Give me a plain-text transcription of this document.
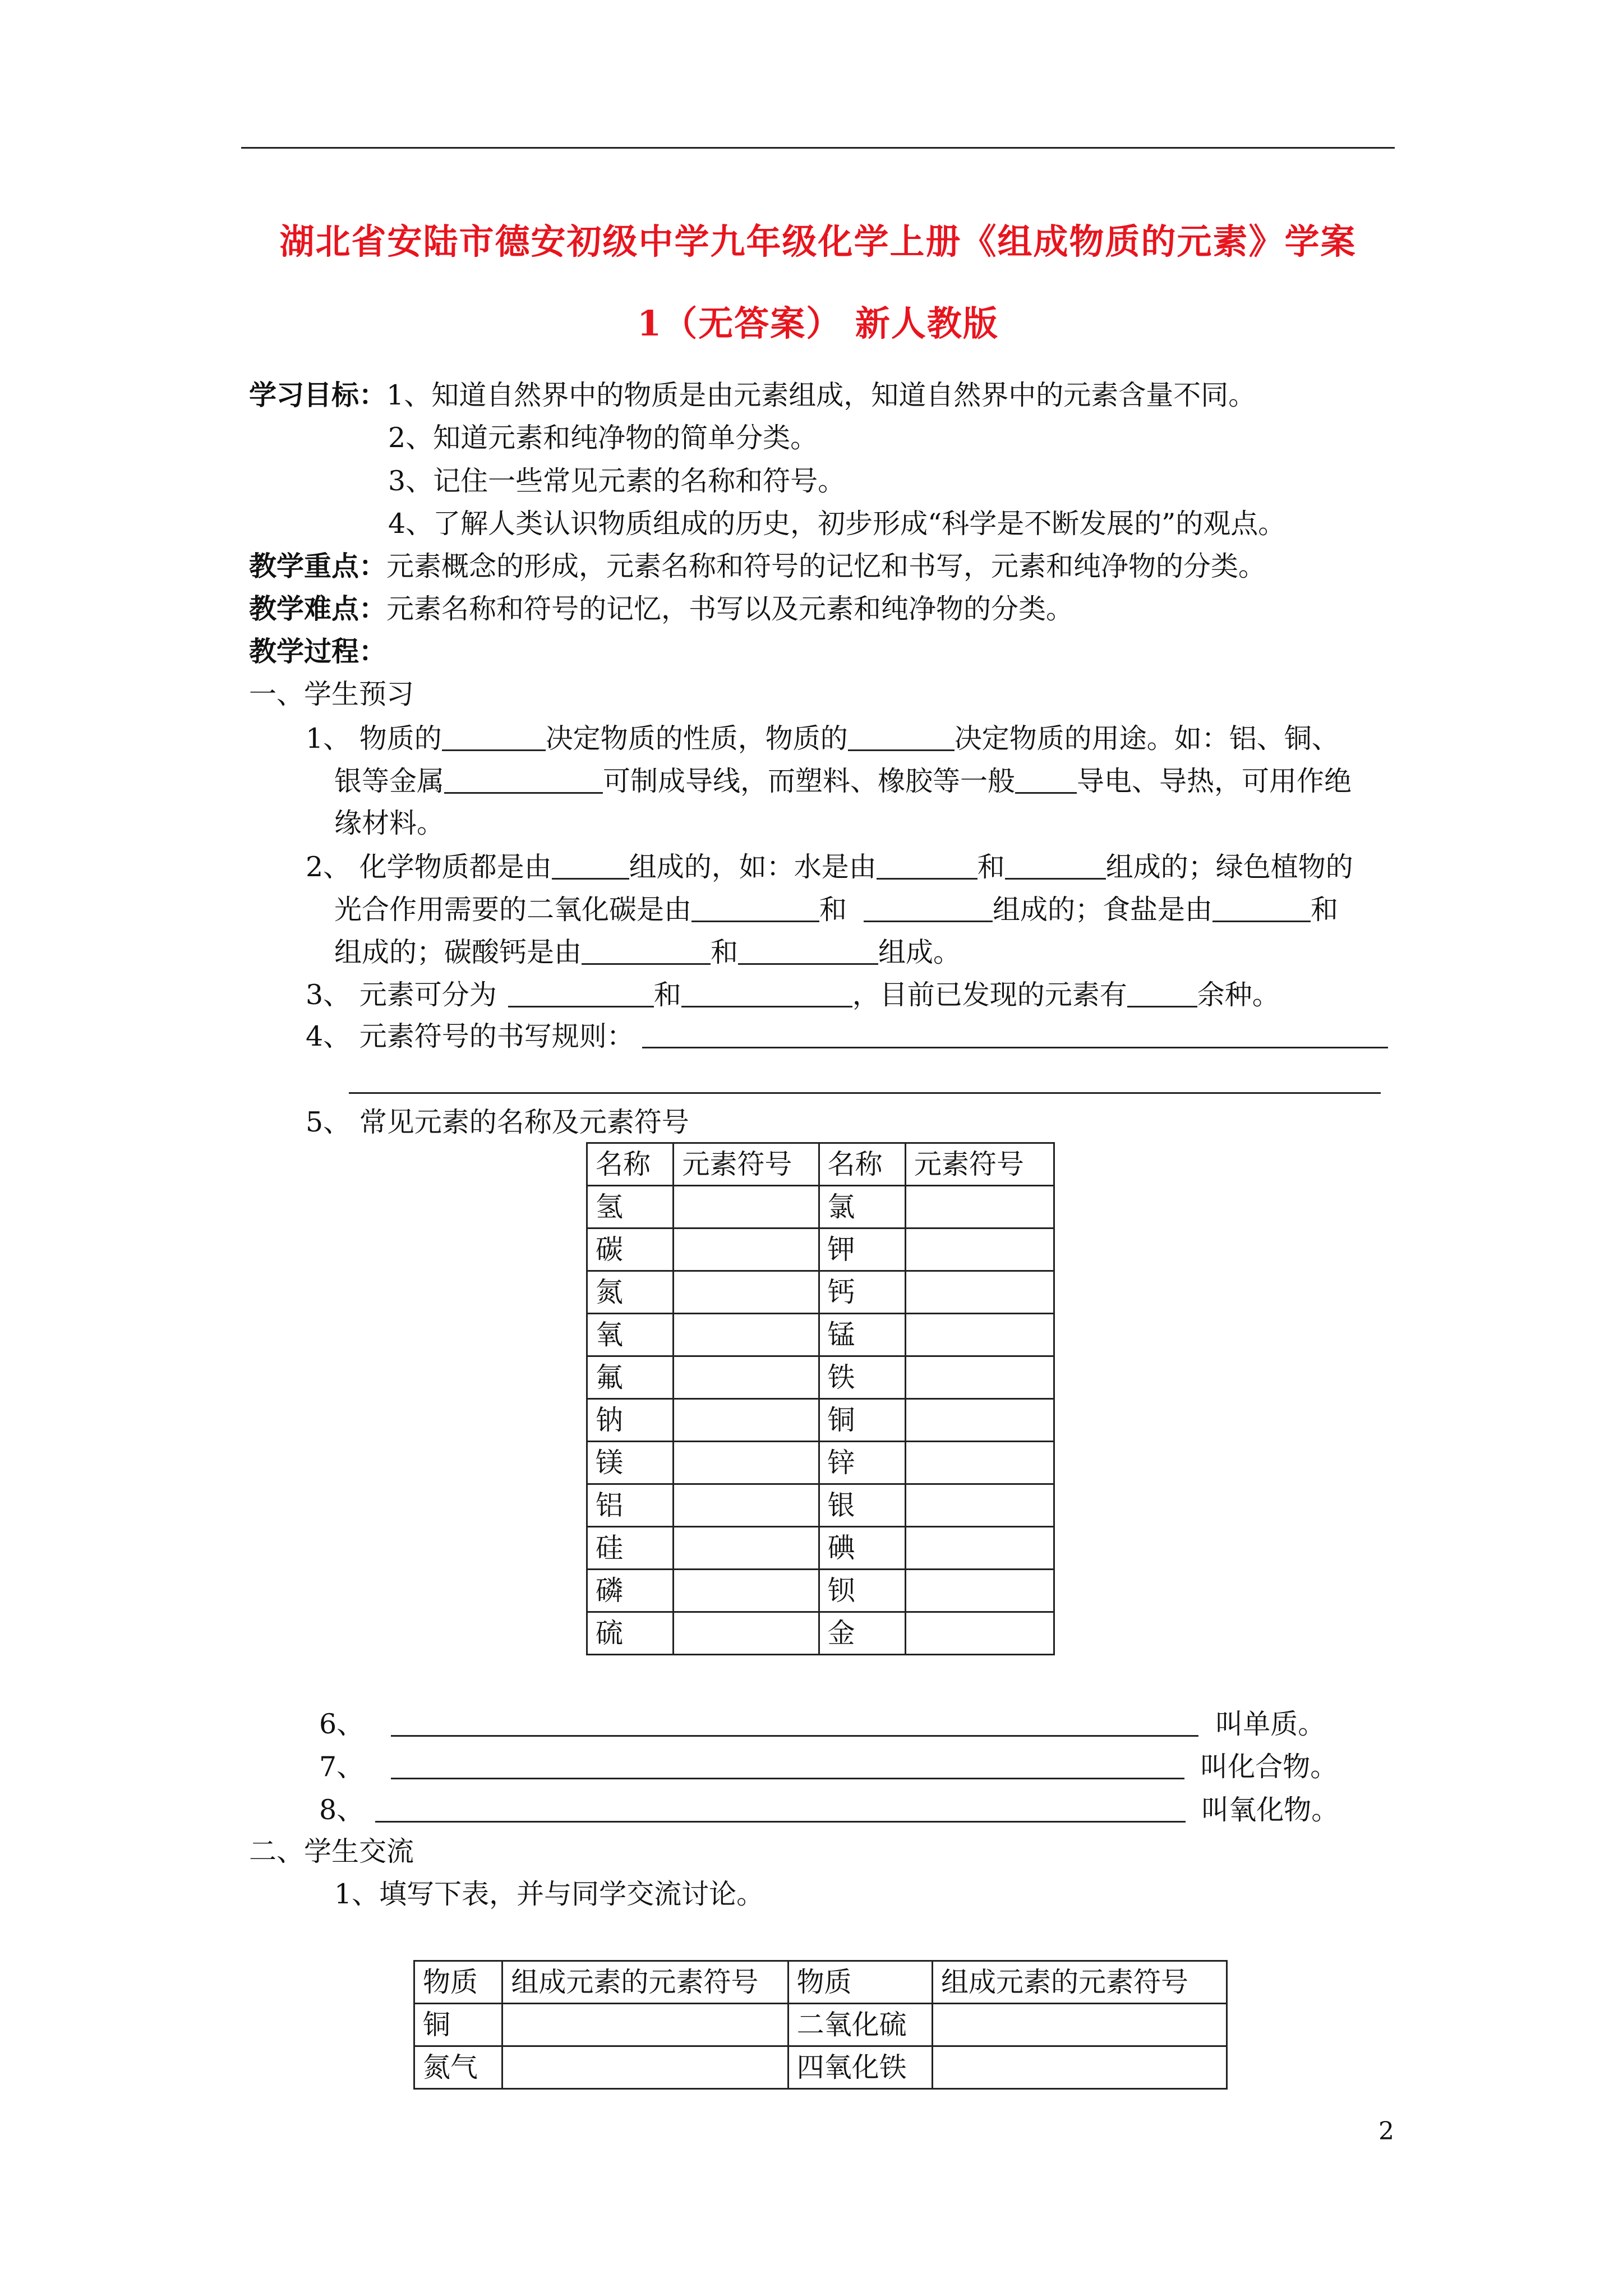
湖北省安陆市德安初级中学九年级化学上册《组成物质的元素》学案
1（无答案） 新人教版
学习目标：1、知道自然界中的物质是由元素组成，知道自然界中的元素含量不同。
2、知道元素和纯净物的简单分类。
3、记住一些常见元素的名称和符号。
4、了解人类认识物质组成的历史，初步形成“科学是不断发展的”的观点。
教学重点：元素概念的形成，元素名称和符号的记忆和书写，元素和纯净物的分类。
教学难点：元素名称和符号的记忆，书写以及元素和纯净物的分类。
教学过程：
一、学生预习
1、 物质的	决定物质的性质，物质的	决定物质的用途。如：铝、铜、
银等金属	可制成导线，而塑料、橡胶等一般 导电、导热，可用作绝
缘材料。
2、 化学物质都是由	组成的，如：水是由	和	组成的；绿色植物的
光合作用需要的二氧化碳是由	和	组成的；食盐是由	和
组成的；碳酸钙是由	和	组成。
3、 元素可分为	和	，目前已发现的元素有	余种。
4、 元素符号的书写规则：
5、 常见元素的名称及元素符号
名称	元素符号	名称	元素符号
氢		氯	
碳		钾	
氮		钙	
氧		锰	
氟		铁	
钠		铜	
镁		锌	
铝		银	
硅		碘	
磷		钡	
硫		金	
6、	叫单质。
7、	叫化合物。
8、	叫氧化物。
二、学生交流
1、填写下表，并与同学交流讨论。
物质	组成元素的元素符号	物质	组成元素的元素符号
铜		二氧化硫	
氮气		四氧化铁	
2
